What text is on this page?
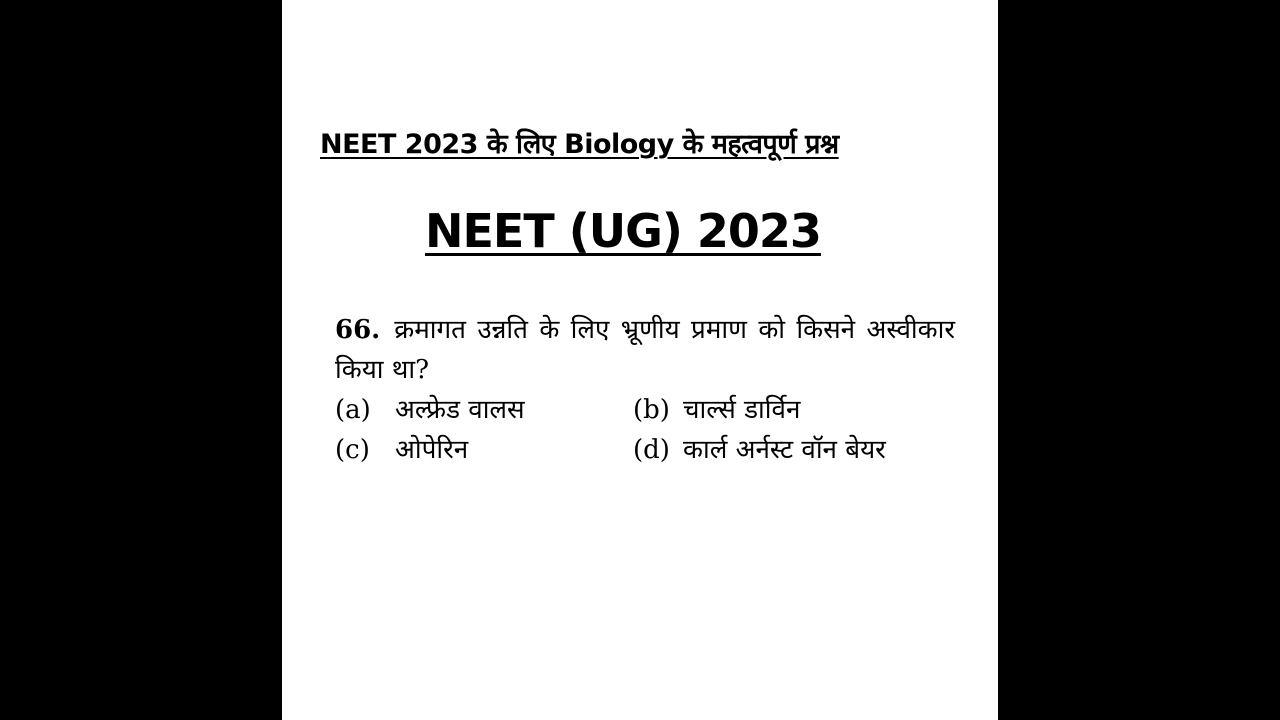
NEET 2023 के लिए Biology के महत्वपूर्ण प्रश्न
NEET (UG) 2023
66. क्रमागत उन्नति के लिए भ्रूणीय प्रमाण को किसने अस्वीकार किया था?
(a) अल्फ्रेड वालस	(b) चार्ल्स डार्विन
(c) ओपेरिन	(d) कार्ल अर्नस्ट वॉन बेयर
